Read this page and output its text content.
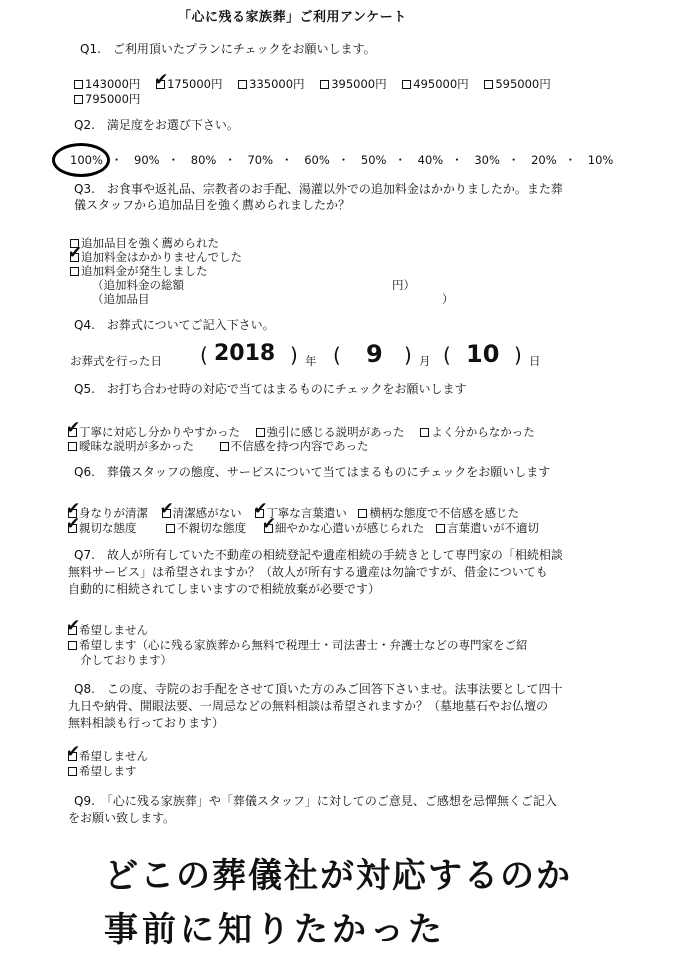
「心に残る家族葬」ご利用アンケート
Q1.　ご利用頂いたプランにチェックをお願いします。
143000円 ✔
175000円 335000円 395000円 495000円 595000円
795000円
Q2.　満足度をお選び下さい。
100% ・ 90% ・ 80% ・ 70% ・ 60% ・ 50% ・ 40% ・ 30% ・ 20% ・ 10%
Q3.　お食事や返礼品、宗教者のお手配、湯灌以外での追加料金はかかりましたか。また葬
儀スタッフから追加品目を強く薦められましたか？
追加品目を強く薦められた
✔
追加料金はかかりませんでした
追加料金が発生しました
（追加料金の総額	円）
（追加品目	）
Q4.　お葬式についてご記入下さい。
お葬式を行った日 ( 2018 ) 年 ( 9 ) 月 ( 10 ) 日
Q5.　お打ち合わせ時の対応で当てはまるものにチェックをお願いします
✔
丁寧に対応し分かりやすかった 強引に感じる説明があった よく分からなかった
曖昧な説明が多かった	不信感を持つ内容であった
Q6.　葬儀スタッフの態度、サービスについて当てはまるものにチェックをお願いします
✔
身なりが清潔 ✔
清潔感がない ✔
丁寧な言葉遣い 横柄な態度で不信感を感じた
✔
親切な態度	不親切な態度 ✔
細やかな心遣いが感じられた 言葉遣いが不適切
Q7.　故人が所有していた不動産の相続登記や遺産相続の手続きとして専門家の「相続相談
無料サービス」は希望されますか？（故人が所有する遺産は勿論ですが、借金についても
自動的に相続されてしまいますので相続放棄が必要です）
✔
希望しません
希望します（心に残る家族葬から無料で税理士・司法書士・弁護士などの専門家をご紹
介しております）
Q8.　この度、寺院のお手配をさせて頂いた方のみご回答下さいませ。法事法要として四十
九日や納骨、開眼法要、一周忌などの無料相談は希望されますか？（墓地墓石やお仏壇の
無料相談も行っております）
✔
希望しません
希望します
Q9.　「心に残る家族葬」や「葬儀スタッフ」に対してのご意見、ご感想を忌憚無くご記入
をお願い致します。
どこの葬儀社が対応するのか
事前に知りたかった
